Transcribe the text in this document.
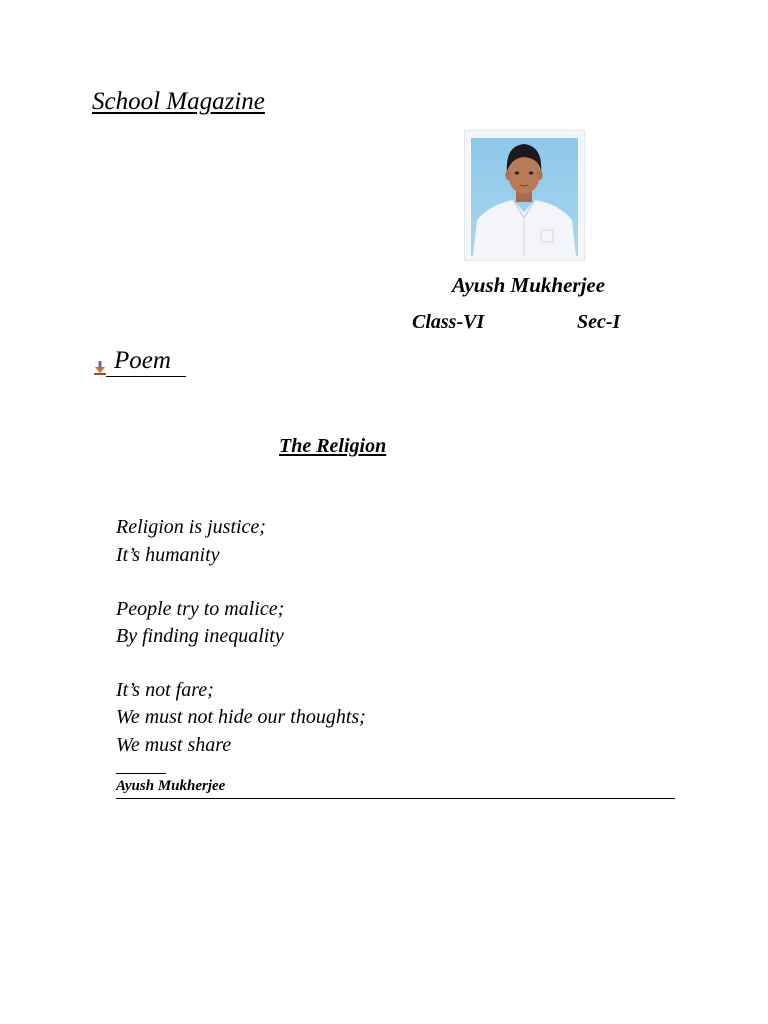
School Magazine
Ayush Mukherjee
Class-VI	Sec-I
Poem
The Religion
Religion is justice;
It’s humanity
People try to malice;
By finding inequality
It’s not fare;
We must not hide our thoughts;
We must share
Ayush Mukherjee
